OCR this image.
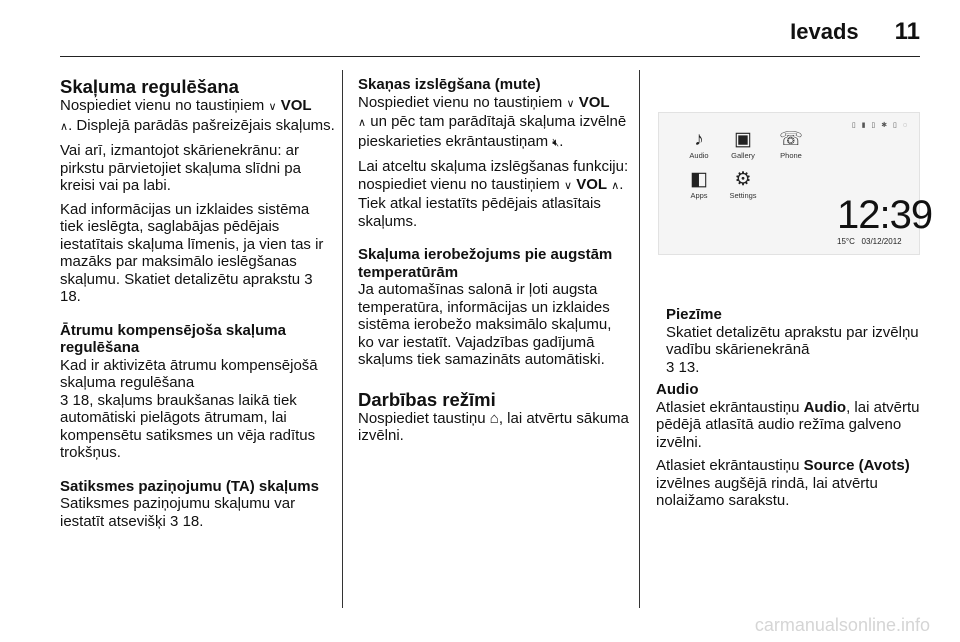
Ievads 11
Skaļuma regulēšana

Nospiediet vienu no taustiņiem ∨ VOL
∧. Displejā parādās pašreizējais skaļums.

Vai arī, izmantojot skārienekrānu: ar pirkstu pārvietojiet skaļuma slīdni pa kreisi vai pa labi.

Kad informācijas un izklaides sistēma tiek ieslēgta, saglabājas pēdējais iestatītais skaļuma līmenis, ja vien tas ir mazāks par maksimālo ieslēgšanas skaļumu. Skatiet detalizētu aprakstu 3 18.

Ātrumu kompensējoša skaļuma regulēšana

Kad ir aktivizēta ātrumu kompensējošā skaļuma regulēšana
3 18, skaļums braukšanas laikā tiek automātiski pielāgots ātrumam, lai kompensētu satiksmes un vēja radītus trokšņus.

Satiksmes paziņojumu (TA) skaļums

Satiksmes paziņojumu skaļumu var iestatīt atsevišķi 3 18.

Skaņas izslēgšana (mute)

Nospiediet vienu no taustiņiem ∨ VOL
∧ un pēc tam parādītajā skaļuma izvēlnē pieskarieties ekrāntaustiņam 🔇︎.

Lai atceltu skaļuma izslēgšanas funkciju: nospiediet vienu no taustiņiem ∨ VOL ∧. Tiek atkal iestatīts pēdējais atlasītais skaļums.

Skaļuma ierobežojums pie augstām temperatūrām

Ja automašīnas salonā ir ļoti augsta temperatūra, informācijas un izklaides sistēma ierobežo maksimālo skaļumu, ko var iestatīt. Vajadzības gadījumā skaļums tiek samazināts automātiski.

Darbības režīmi

Nospiediet taustiņu ⌂, lai atvērtu sākuma izvēlni.

▯ ▮ ▯ ✱ ▯ ◌
♪
Audio
▣
Gallery
☏
Phone
◧
Apps
⚙
Settings 12:39
15°C 03/12/2012

Piezīme

Skatiet detalizētu aprakstu par izvēlņu vadību skārienekrānā
3 13.

Audio

Atlasiet ekrāntaustiņu Audio, lai atvērtu pēdējā atlasītā audio režīma galveno izvēlni.

Atlasiet ekrāntaustiņu Source (Avots) izvēlnes augšējā rindā, lai atvērtu nolaižamo sarakstu.

carmanualsonline.info
